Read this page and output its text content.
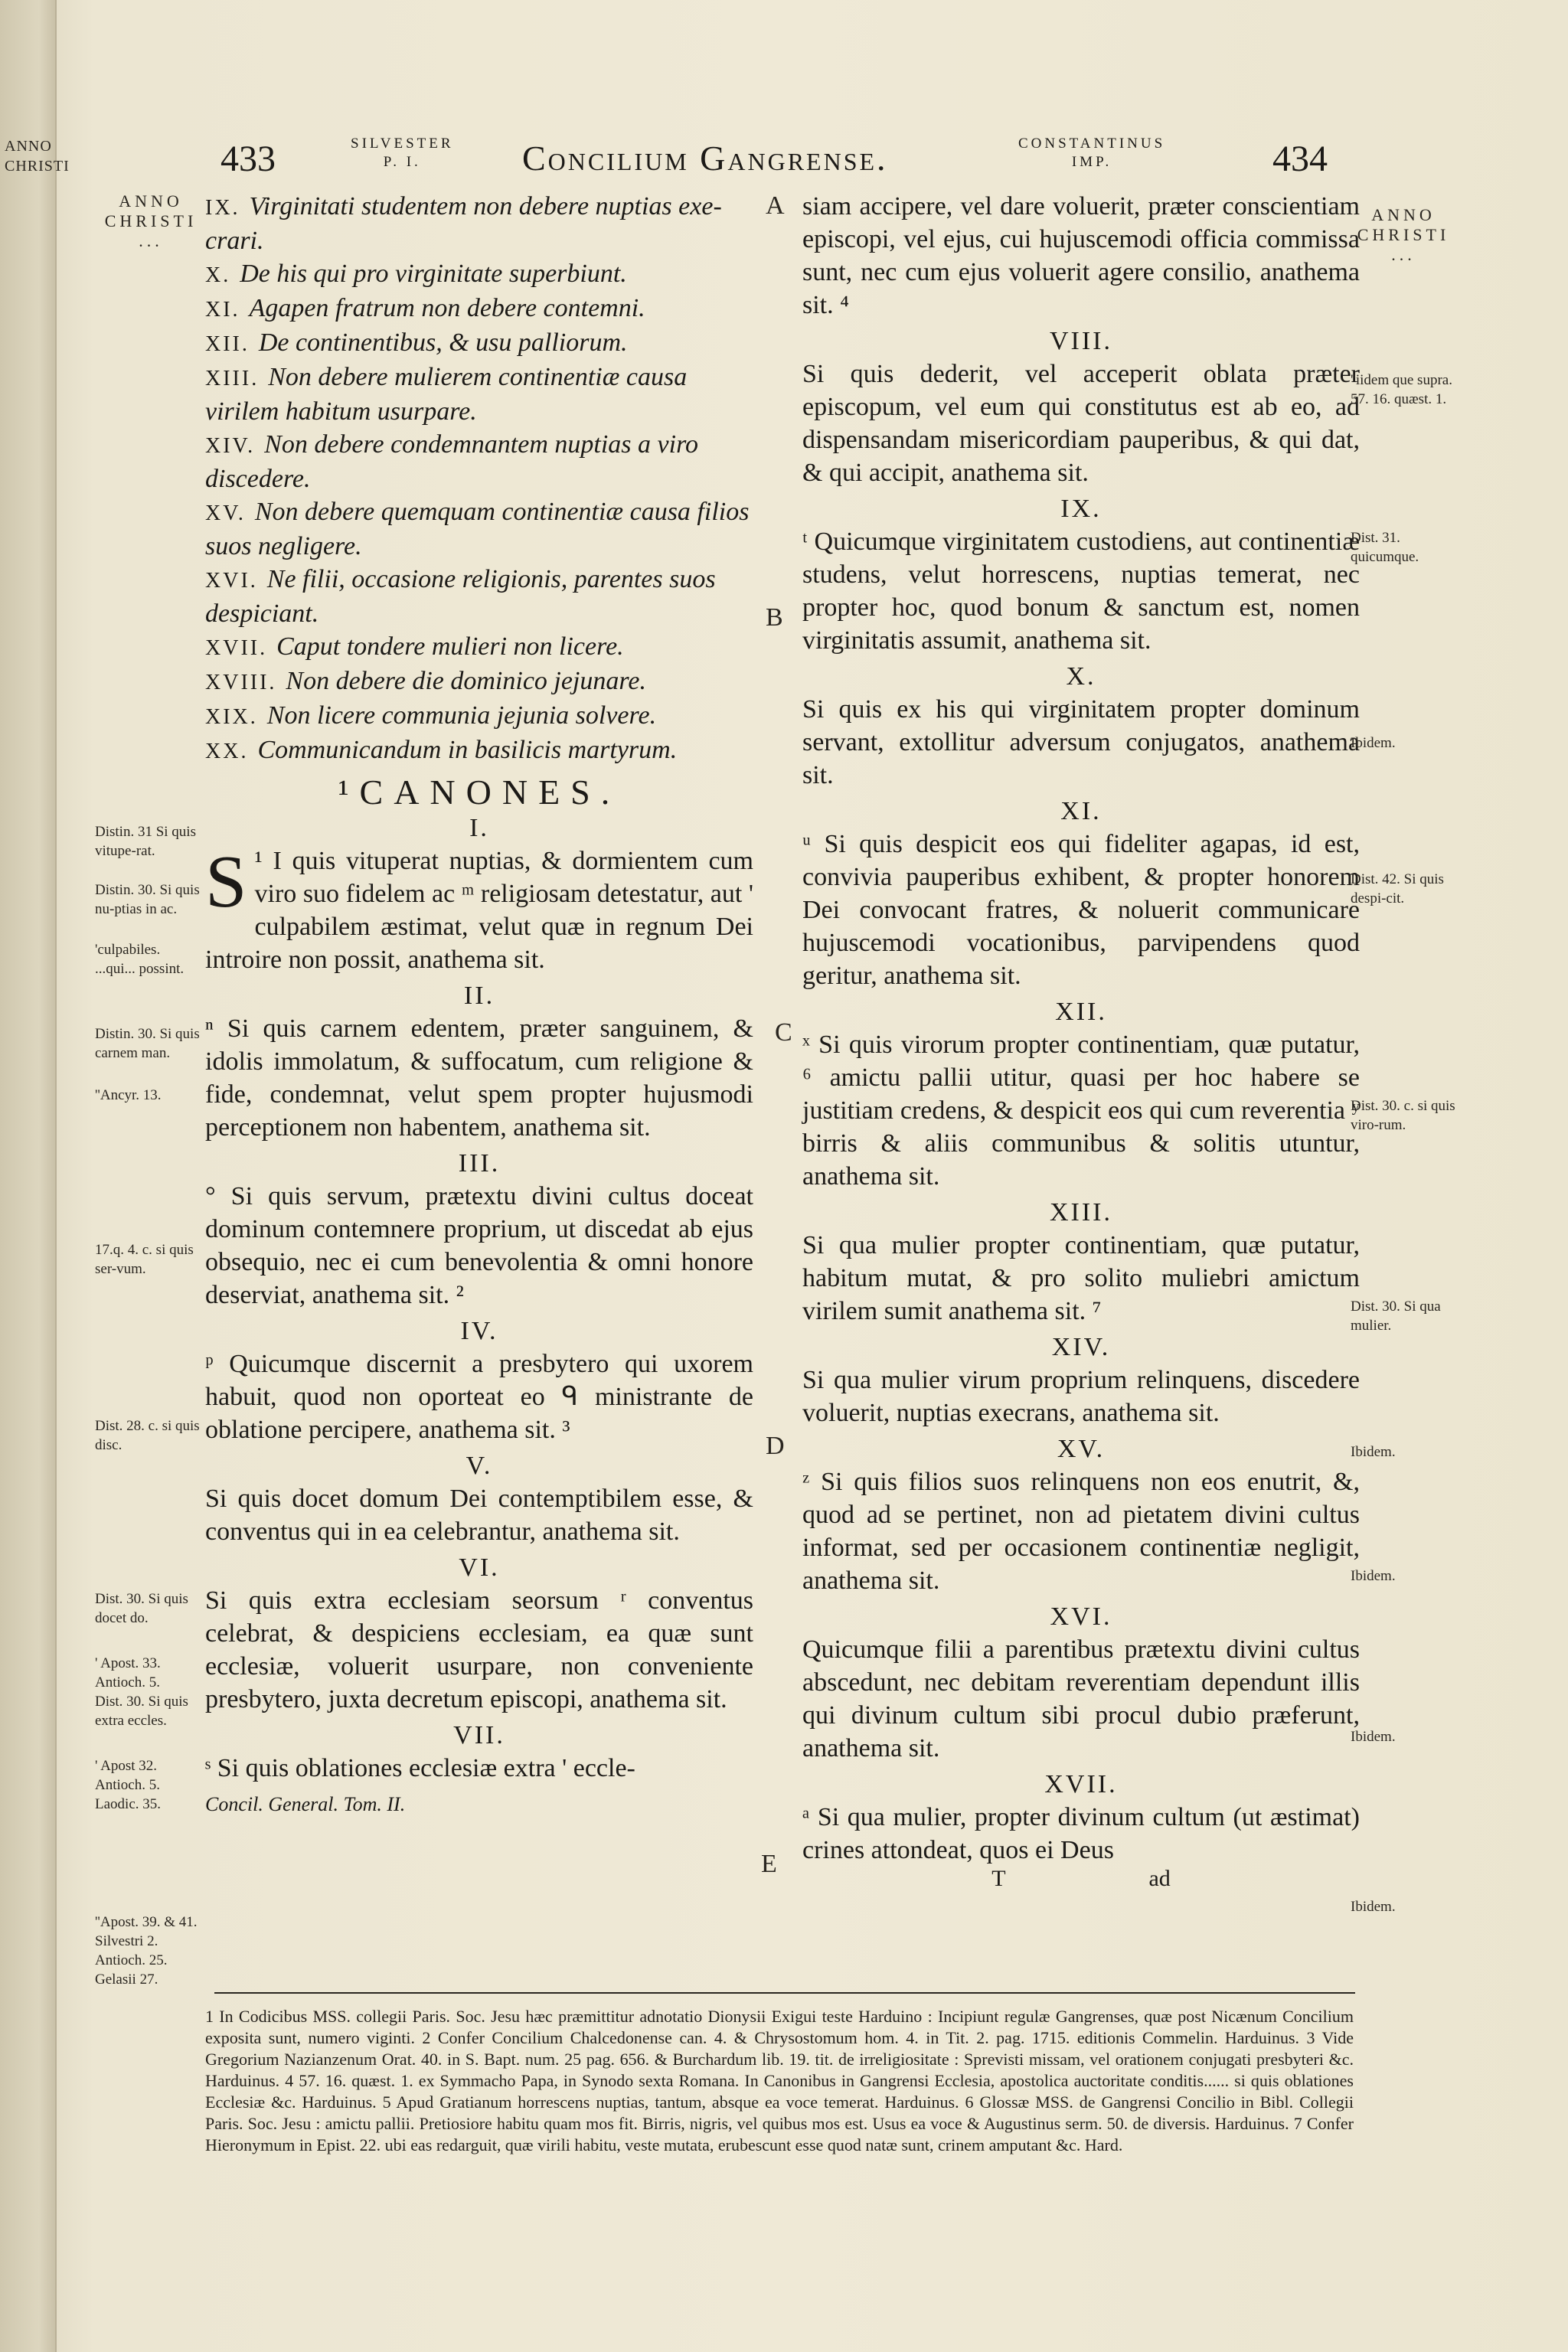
ANNO CHRISTI	433	SILVESTER
P. I.	Concilium Gangrense.	CONSTANTINUS
IMP.	434
ANNO
CHRISTI
...
ANNO
CHRISTI
...

IX. Virginitati studentem non debere nuptias exe-crari.

X. De his qui pro virginitate superbiunt.

XI. Agapen fratrum non debere contemni.

XII. De continentibus, & usu palliorum.

XIII. Non debere mulierem continentiæ causa virilem habitum usurpare.

XIV. Non debere condemnantem nuptias a viro discedere.

XV. Non debere quemquam continentiæ causa filios suos negligere.

XVI. Ne filii, occasione religionis, parentes suos despiciant.

XVII. Caput tondere mulieri non licere.

XVIII. Non debere die dominico jejunare.

XIX. Non licere communia jejunia solvere.

XX. Communicandum in basilicis martyrum.

¹CANONES.
I.

S ¹ I quis vituperat nuptias, & dormientem cum viro suo fidelem ac ᵐ religiosam detestatur, aut ' culpabilem æstimat, velut quæ in regnum Dei introire non possit, anathema sit.

II.

ⁿ Si quis carnem edentem, præter sanguinem, & idolis immolatum, & suffocatum, cum religione & fide, condemnat, velut spem propter hujusmodi perceptionem non habentem, anathema sit.

III.

° Si quis servum, prætextu divini cultus doceat dominum contemnere proprium, ut discedat ab ejus obsequio, nec ei cum benevolentia & omni honore deserviat, anathema sit. ²

IV.

ᵖ Quicumque discernit a presbytero qui uxorem habuit, quod non oporteat eo ᑫ ministrante de oblatione percipere, anathema sit. ³

V.

Si quis docet domum Dei contemptibilem esse, & conventus qui in ea celebrantur, anathema sit.

VI.

Si quis extra ecclesiam seorsum ʳ conventus celebrat, & despiciens ecclesiam, ea quæ sunt ecclesiæ, voluerit usurpare, non conveniente presbytero, juxta decretum episcopi, anathema sit.

VII.

ˢ Si quis oblationes ecclesiæ extra ' eccle-

Concil. General. Tom. II.

siam accipere, vel dare voluerit, præter conscientiam episcopi, vel ejus, cui hujuscemodi officia commissa sunt, nec cum ejus voluerit agere consilio, anathema sit. ⁴

VIII.

Si quis dederit, vel acceperit oblata præter episcopum, vel eum qui constitutus est ab eo, ad dispensandam misericordiam pauperibus, & qui dat, & qui accipit, anathema sit.

IX.

ᵗ Quicumque virginitatem custodiens, aut continentiæ studens, velut horrescens, nuptias temerat, nec propter hoc, quod bonum & sanctum est, nomen virginitatis assumit, anathema sit.

X.

Si quis ex his qui virginitatem propter dominum servant, extollitur adversum conjugatos, anathema sit.

XI.

ᵘ Si quis despicit eos qui fideliter agapas, id est, convivia pauperibus exhibent, & propter honorem Dei convocant fratres, & noluerit communicare hujuscemodi vocationibus, parvipendens quod geritur, anathema sit.

XII.

ˣ Si quis virorum propter continentiam, quæ putatur, ⁶ amictu pallii utitur, quasi per hoc habere se justitiam credens, & despicit eos qui cum reverentia ʸ birris & aliis communibus & solitis utuntur, anathema sit.

XIII.

Si qua mulier propter continentiam, quæ putatur, habitum mutat, & pro solito muliebri amictum virilem sumit anathema sit. ⁷

XIV.

Si qua mulier virum proprium relinquens, discedere voluerit, nuptias execrans, anathema sit.

XV.

ᶻ Si quis filios suos relinquens non eos enutrit, &, quod ad se pertinet, non ad pietatem divini cultus informat, sed per occasionem continentiæ negligit, anathema sit.

XVI.

Quicumque filii a parentibus prætextu divini cultus abscedunt, nec debitam reverentiam dependunt illis qui divinum cultum sibi procul dubio præferunt, anathema sit.

XVII.

ᵃ Si qua mulier, propter divinum cultum (ut æstimat) crines attondeat, quos ei Deus

T	ad
A
B
C
D
E
Distin. 31 Si quis vitupe-rat.
Distin. 30. Si quis nu-ptias in ac.
'culpabiles. ...qui... possint.
Distin. 30. Si quis carnem man.
''Ancyr. 13.
17.q. 4. c. si quis ser-vum.
Dist. 28. c. si quis disc.
Dist. 30. Si quis docet do.
' Apost. 33. Antioch. 5.
Dist. 30. Si quis extra eccles.
' Apost 32. Antioch. 5. Laodic. 35.
''Apost. 39. & 41. Silvestri 2. Antioch. 25. Gelasii 27.
''iidem que supra. 57. 16. quæst. 1.
Dist. 31. quicumque.
Ibidem.
Dist. 42. Si quis despi-cit.
Dist. 30. c. si quis viro-rum.
Dist. 30. Si qua mulier.
Ibidem.
Ibidem.
Ibidem.
Ibidem.
1 In Codicibus MSS. collegii Paris. Soc. Jesu hæc præmittitur adnotatio Dionysii Exigui teste Harduino : Incipiunt regulæ Gangrenses, quæ post Nicænum Concilium exposita sunt, numero viginti. 2 Confer Concilium Chalcedonense can. 4. & Chrysostomum hom. 4. in Tit. 2. pag. 1715. editionis Commelin. Harduinus. 3 Vide Gregorium Nazianzenum Orat. 40. in S. Bapt. num. 25 pag. 656. & Burchardum lib. 19. tit. de irreligiositate : Sprevisti missam, vel orationem conjugati presbyteri &c. Harduinus. 4 57. 16. quæst. 1. ex Symmacho Papa, in Synodo sexta Romana. In Canonibus in Gangrensi Ecclesia, apostolica auctoritate conditis...... si quis oblationes Ecclesiæ &c. Harduinus. 5 Apud Gratianum horrescens nuptias, tantum, absque ea voce temerat. Harduinus. 6 Glossæ MSS. de Gangrensi Concilio in Bibl. Collegii Paris. Soc. Jesu : amictu pallii. Pretiosiore habitu quam mos fit. Birris, nigris, vel quibus mos est. Usus ea voce & Augustinus serm. 50. de diversis. Harduinus. 7 Confer Hieronymum in Epist. 22. ubi eas redarguit, quæ virili habitu, veste mutata, erubescunt esse quod natæ sunt, crinem amputant &c. Hard.
